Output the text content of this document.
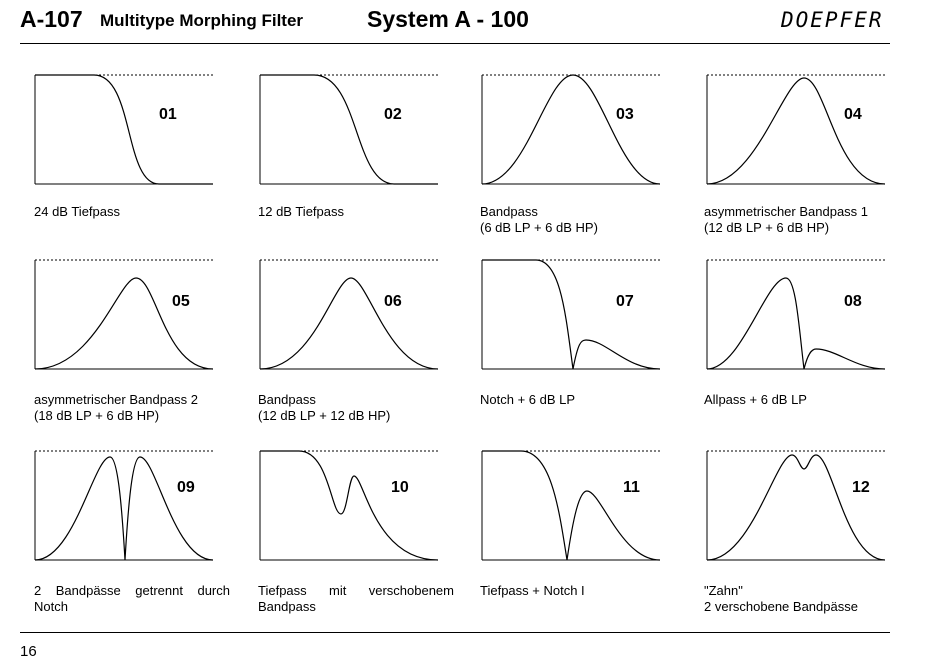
A-107 Multitype Morphing Filter	System A - 100	DOEPFER
01
24 dB Tiefpass
02
12 dB Tiefpass
03
Bandpass
(6 dB LP + 6 dB HP)
04
asymmetrischer Bandpass 1
(12 dB LP + 6 dB HP)
05
asymmetrischer Bandpass 2
(18 dB LP + 6 dB HP)
06
Bandpass
(12 dB LP + 12 dB HP)
07
Notch + 6 dB LP
08
Allpass + 6 dB LP
09
2 Bandpässe getrennt durch
Notch
10
Tiefpass mit verschobenem
Bandpass
11
Tiefpass + Notch I
12
"Zahn"
2 verschobene Bandpässe
16
